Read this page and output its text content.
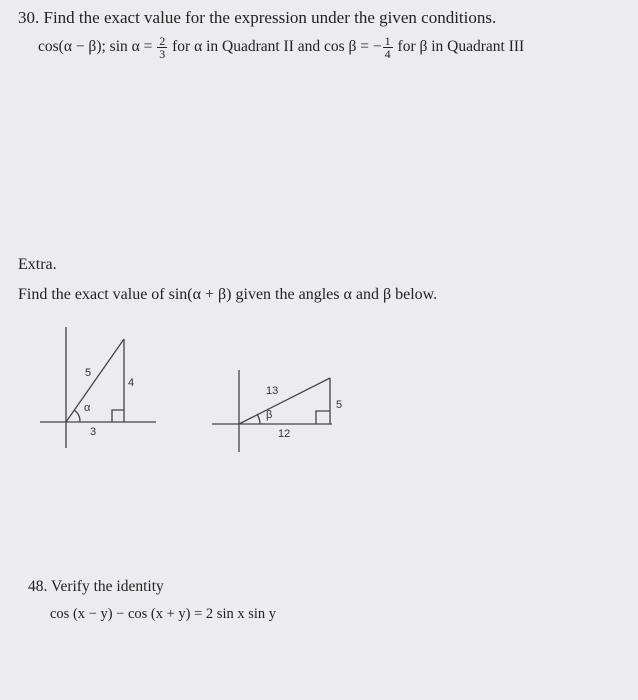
30. Find the exact value for the expression under the given conditions.
cos(α − β); $\sin \alpha = \frac{2}{3}$ for α in Quadrant II and cos β = − $\frac{1}{4}$ for β in Quadrant III
Extra.
Find the exact value of sin(α + β) given the angles α and β below.
5
4
3
α
13
5
12
β
48. Verify the identity
cos (x − y) − cos (x + y) = 2 sin x sin y
